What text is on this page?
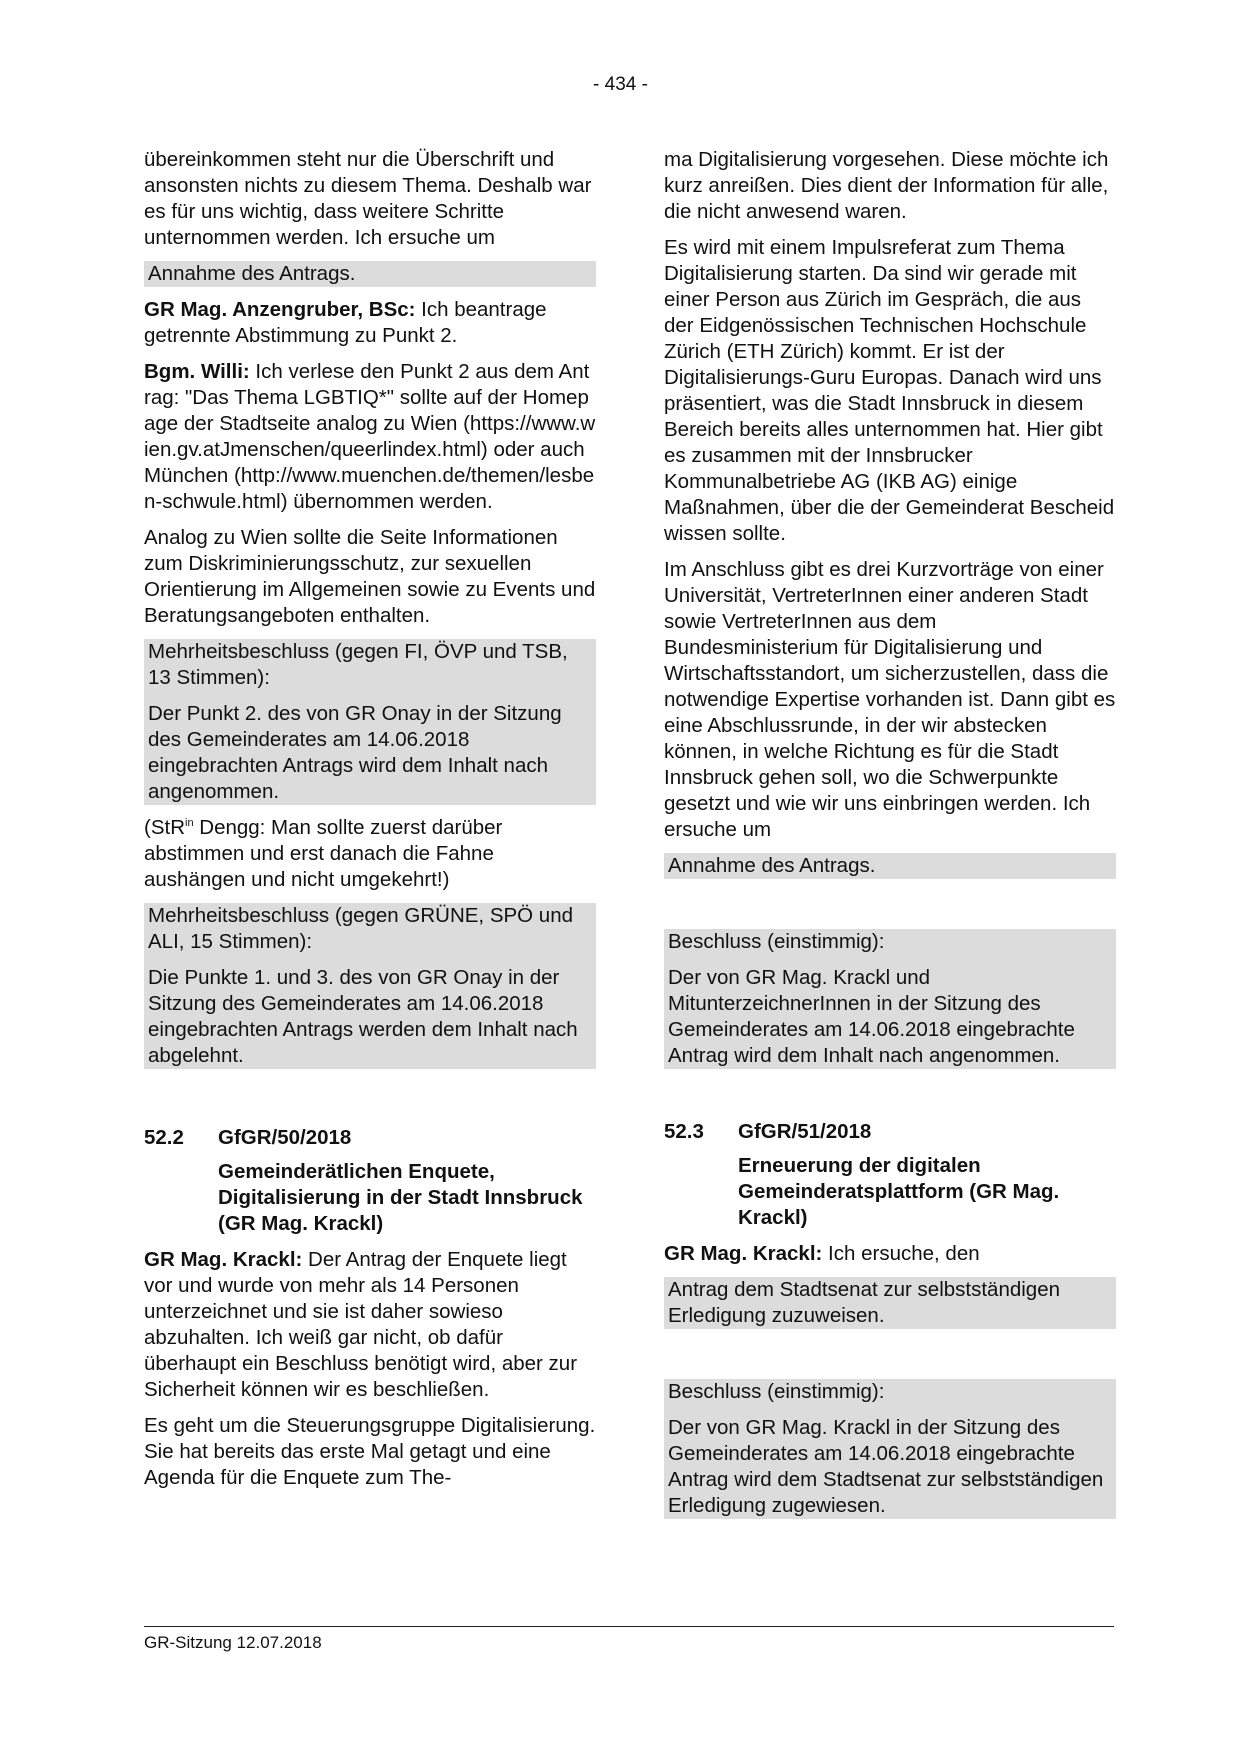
- 434 -

übereinkommen steht nur die Überschrift und ansonsten nichts zu diesem Thema. Deshalb war es für uns wichtig, dass weitere Schritte unternommen werden. Ich ersuche um

Annahme des Antrags.

GR Mag. Anzengruber, BSc: Ich beantrage getrennte Abstimmung zu Punkt 2.

Bgm. Willi: Ich verlese den Punkt 2 aus dem Antrag: "Das Thema LGBTIQ*" sollte auf der Homepage der Stadtseite analog zu Wien (https://www.wien.gv.atJmenschen/queerlindex.html) oder auch München (http://www.muenchen.de/themen/lesben-schwule.html) übernommen werden.

Analog zu Wien sollte die Seite Informationen zum Diskriminierungsschutz, zur sexuellen Orientierung im Allgemeinen sowie zu Events und Beratungsangeboten enthalten.

Mehrheitsbeschluss (gegen FI, ÖVP und TSB, 13 Stimmen):
Der Punkt 2. des von GR Onay in der Sitzung des Gemeinderates am 14.06.2018 eingebrachten Antrags wird dem Inhalt nach angenommen.

(StR$^{in}$ Dengg: Man sollte zuerst darüber abstimmen und erst danach die Fahne aushängen und nicht umgekehrt!)

Mehrheitsbeschluss (gegen GRÜNE, SPÖ und ALI, 15 Stimmen):
Die Punkte 1. und 3. des von GR Onay in der Sitzung des Gemeinderates am 14.06.2018 eingebrachten Antrags werden dem Inhalt nach abgelehnt.
52.2	GfGR/50/2018
Gemeinderätlichen Enquete, Digitalisierung in der Stadt Innsbruck (GR Mag. Krackl)

GR Mag. Krackl: Der Antrag der Enquete liegt vor und wurde von mehr als 14 Personen unterzeichnet und sie ist daher sowieso abzuhalten. Ich weiß gar nicht, ob dafür überhaupt ein Beschluss benötigt wird, aber zur Sicherheit können wir es beschließen.

Es geht um die Steuerungsgruppe Digitalisierung. Sie hat bereits das erste Mal getagt und eine Agenda für die Enquete zum The-

ma Digitalisierung vorgesehen. Diese möchte ich kurz anreißen. Dies dient der Information für alle, die nicht anwesend waren.

Es wird mit einem Impulsreferat zum Thema Digitalisierung starten. Da sind wir gerade mit einer Person aus Zürich im Gespräch, die aus der Eidgenössischen Technischen Hochschule Zürich (ETH Zürich) kommt. Er ist der Digitalisierungs-Guru Europas. Danach wird uns präsentiert, was die Stadt Innsbruck in diesem Bereich bereits alles unternommen hat. Hier gibt es zusammen mit der Innsbrucker Kommunalbetriebe AG (IKB AG) einige Maßnahmen, über die der Gemeinderat Bescheid wissen sollte.

Im Anschluss gibt es drei Kurzvorträge von einer Universität, VertreterInnen einer anderen Stadt sowie VertreterInnen aus dem Bundesministerium für Digitalisierung und Wirtschaftsstandort, um sicherzustellen, dass die notwendige Expertise vorhanden ist. Dann gibt es eine Abschlussrunde, in der wir abstecken können, in welche Richtung es für die Stadt Innsbruck gehen soll, wo die Schwerpunkte gesetzt und wie wir uns einbringen werden. Ich ersuche um

Annahme des Antrags.
Beschluss (einstimmig):
Der von GR Mag. Krackl und MitunterzeichnerInnen in der Sitzung des Gemeinderates am 14.06.2018 eingebrachte Antrag wird dem Inhalt nach angenommen.
52.3	GfGR/51/2018
Erneuerung der digitalen Gemeinderatsplattform (GR Mag. Krackl)

GR Mag. Krackl: Ich ersuche, den

Antrag dem Stadtsenat zur selbstständigen Erledigung zuzuweisen.
Beschluss (einstimmig):
Der von GR Mag. Krackl in der Sitzung des Gemeinderates am 14.06.2018 eingebrachte Antrag wird dem Stadtsenat zur selbstständigen Erledigung zugewiesen.
GR-Sitzung 12.07.2018
